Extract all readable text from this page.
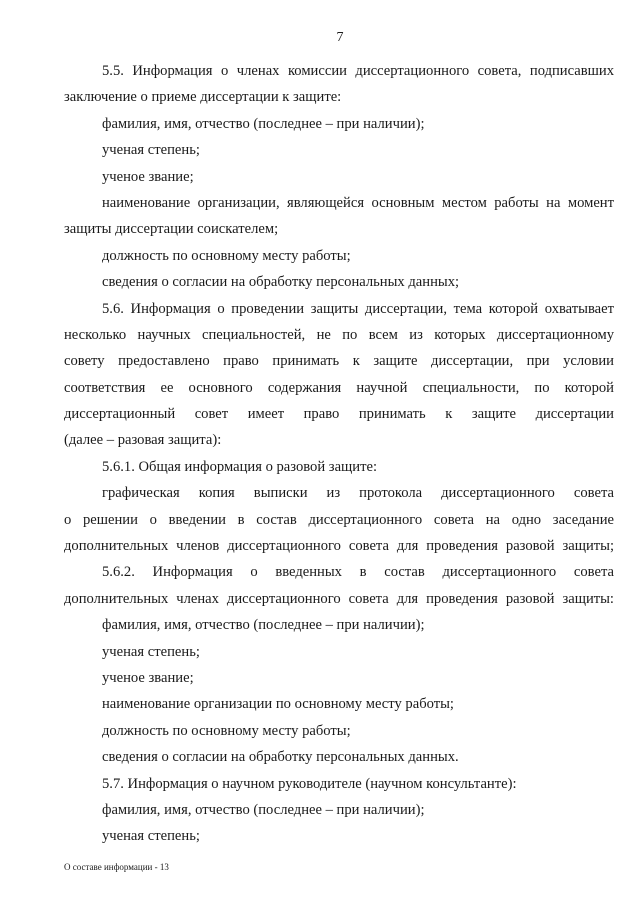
7
5.5. Информация о членах комиссии диссертационного совета, подписавших
заключение о приеме диссертации к защите:
фамилия, имя, отчество (последнее – при наличии);
ученая степень;
ученое звание;
наименование организации, являющейся основным местом работы на момент
защиты диссертации соискателем;
должность по основному месту работы;
сведения о согласии на обработку персональных данных;
5.6. Информация о проведении защиты диссертации, тема которой охватывает
несколько научных специальностей, не по всем из которых диссертационному
совету предоставлено право принимать к защите диссертации, при условии
соответствия ее основного содержания научной специальности, по которой
диссертационный совет имеет право принимать к защите диссертации
(далее – разовая защита):
5.6.1. Общая информация о разовой защите:
графическая копия выписки из протокола диссертационного совета
о решении о введении в состав диссертационного совета на одно заседание
дополнительных членов диссертационного совета для проведения разовой защиты;
5.6.2. Информация о введенных в состав диссертационного совета
дополнительных членах диссертационного совета для проведения разовой защиты:
фамилия, имя, отчество (последнее – при наличии);
ученая степень;
ученое звание;
наименование организации по основному месту работы;
должность по основному месту работы;
сведения о согласии на обработку персональных данных.
5.7. Информация о научном руководителе (научном консультанте):
фамилия, имя, отчество (последнее – при наличии);
ученая степень;
О составе информации - 13
